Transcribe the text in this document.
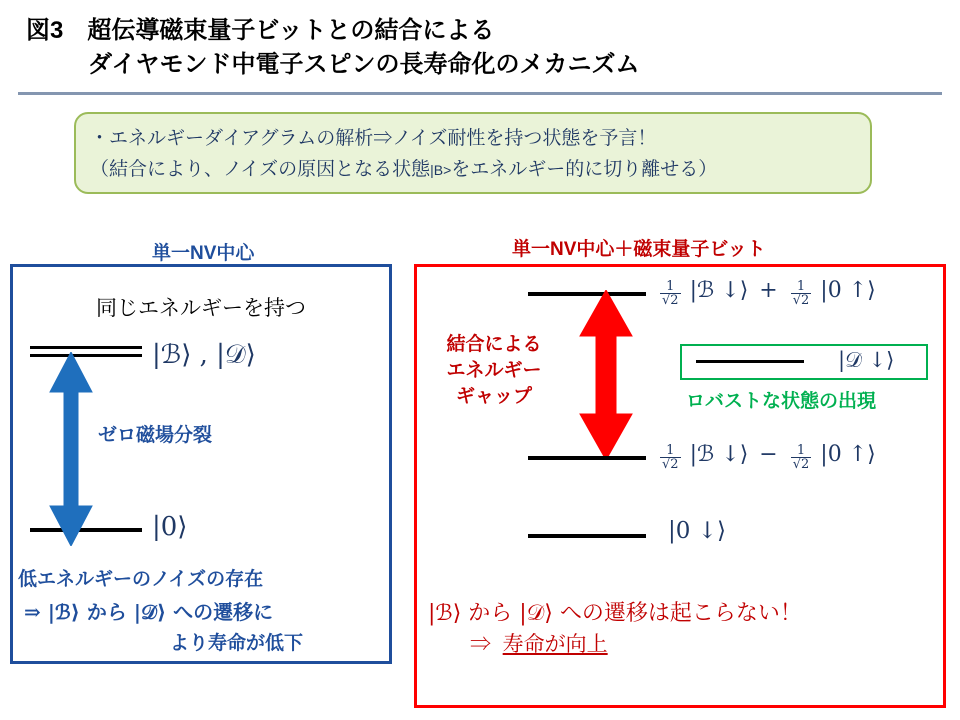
図3　超伝導磁束量子ビットとの結合による
ダイヤモンド中電子スピンの長寿命化のメカニズム
・エネルギーダイアグラムの解析⇒ノイズ耐性を持つ状態を予言！
（結合により、ノイズの原因となる状態|B>をエネルギー的に切り離せる）
単一NV中心	単一NV中心＋磁束量子ビット
同じエネルギーを持つ
|ℬ⟩ , |𝒟⟩
|0⟩
ゼロ磁場分裂
低エネルギーのノイズの存在
⇒ |ℬ⟩ から |𝒟⟩ への遷移に
より寿命が低下
$\frac{1}{√2}$ |ℬ ↓⟩ + $\frac{1}{√2} |0$ ↑⟩
結合による
エネルギー
ギャップ
|𝒟 ↓⟩
ロバストな状態の出現
$\frac{1}{√2}$ |ℬ ↓⟩ − $\frac{1}{√2} |0$ ↑⟩
|0 ↓⟩
|ℬ⟩ から |𝒟⟩ への遷移は起こらない！
⇒ 寿命が向上
